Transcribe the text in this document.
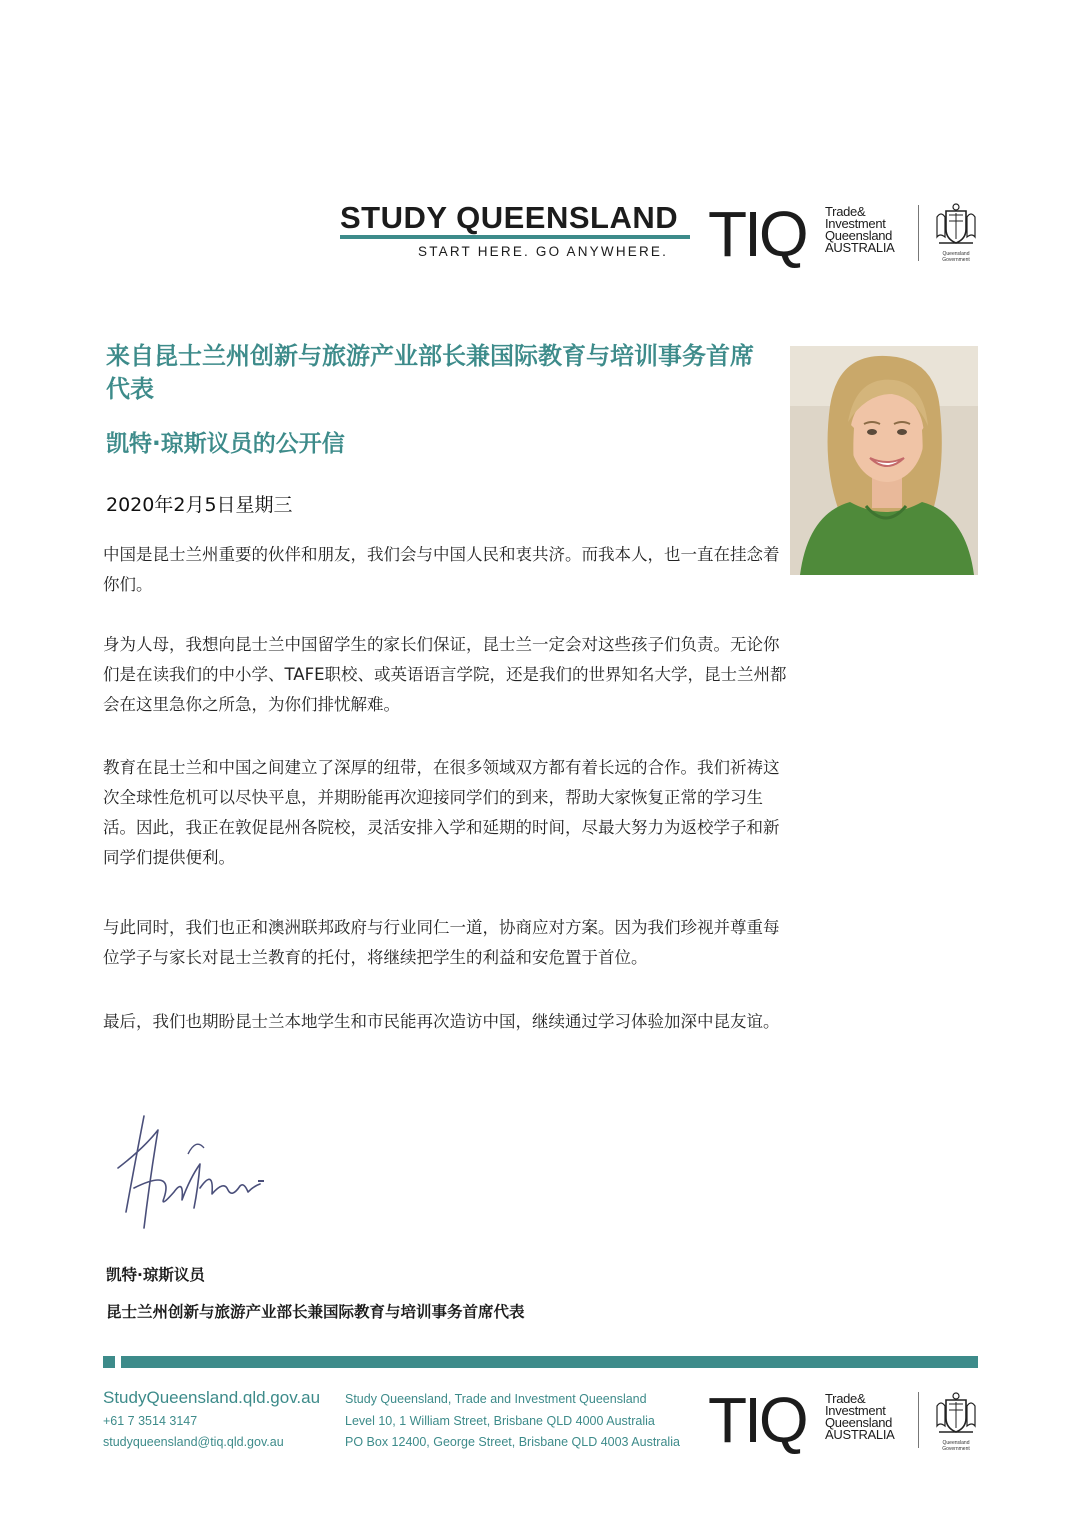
STUDY QUEENSLAND
START HERE. GO ANYWHERE. TIQ Trade&
Investment
Queensland
AUSTRALIA	Queensland
Government
来自昆士兰州创新与旅游产业部长兼国际教育与培训事务首席代表
凯特·琼斯议员的公开信
2020年2月5日星期三

中国是昆士兰州重要的伙伴和朋友，我们会与中国人民和衷共济。而我本人，也一直在挂念着你们。

身为人母，我想向昆士兰中国留学生的家长们保证，昆士兰一定会对这些孩子们负责。无论你们是在读我们的中小学、TAFE职校、或英语语言学院，还是我们的世界知名大学，昆士兰州都会在这里急你之所急，为你们排忧解难。

教育在昆士兰和中国之间建立了深厚的纽带，在很多领域双方都有着长远的合作。我们祈祷这次全球性危机可以尽快平息，并期盼能再次迎接同学们的到来，帮助大家恢复正常的学习生活。因此，我正在敦促昆州各院校，灵活安排入学和延期的时间，尽最大努力为返校学子和新同学们提供便利。

与此同时，我们也正和澳洲联邦政府与行业同仁一道，协商应对方案。因为我们珍视并尊重每位学子与家长对昆士兰教育的托付，将继续把学生的利益和安危置于首位。

最后，我们也期盼昆士兰本地学生和市民能再次造访中国，继续通过学习体验加深中昆友谊。

凯特·琼斯议员
昆士兰州创新与旅游产业部长兼国际教育与培训事务首席代表
StudyQueensland.qld.gov.au
+61 7 3514 3147
studyqueensland@tiq.qld.gov.au
Study Queensland, Trade and Investment Queensland
Level 10, 1 William Street, Brisbane QLD 4000 Australia
PO Box 12400, George Street, Brisbane QLD 4003 Australia TIQ Trade&
Investment
Queensland
AUSTRALIA
Queensland
Government
